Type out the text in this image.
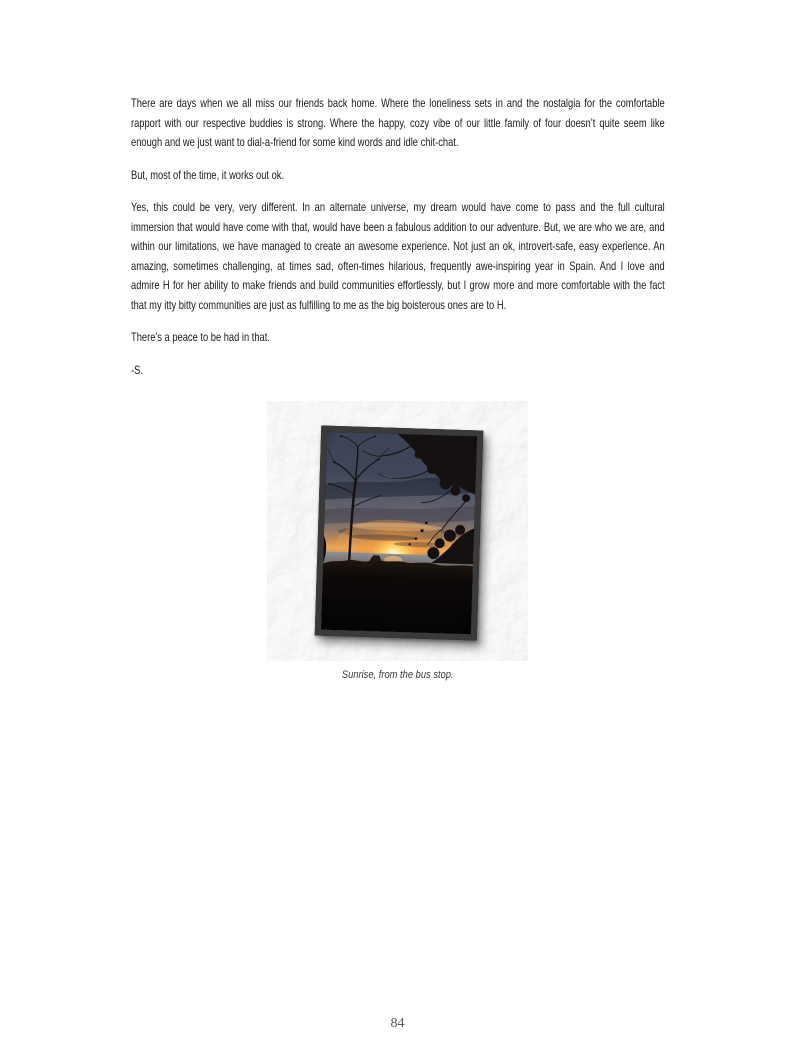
There are days when we all miss our friends back home. Where the loneliness sets in and the nostalgia for the comfortable rapport with our respective buddies is strong. Where the happy, cozy vibe of our little family of four doesn’t quite seem like enough and we just want to dial-a-friend for some kind words and idle chit-chat.

But, most of the time, it works out ok.

Yes, this could be very, very different. In an alternate universe, my dream would have come to pass and the full cultural immersion that would have come with that, would have been a fabulous addition to our adventure. But, we are who we are, and within our limitations, we have managed to create an awesome experience. Not just an ok, introvert-safe, easy experience. An amazing, sometimes challenging, at times sad, often-times hilarious, frequently awe-inspiring year in Spain. And I love and admire H for her ability to make friends and build communities effortlessly, but I grow more and more comfortable with the fact that my itty bitty communities are just as fulfilling to me as the big boisterous ones are to H.

There’s a peace to be had in that.

-S.

Sunrise, from the bus stop.
84
